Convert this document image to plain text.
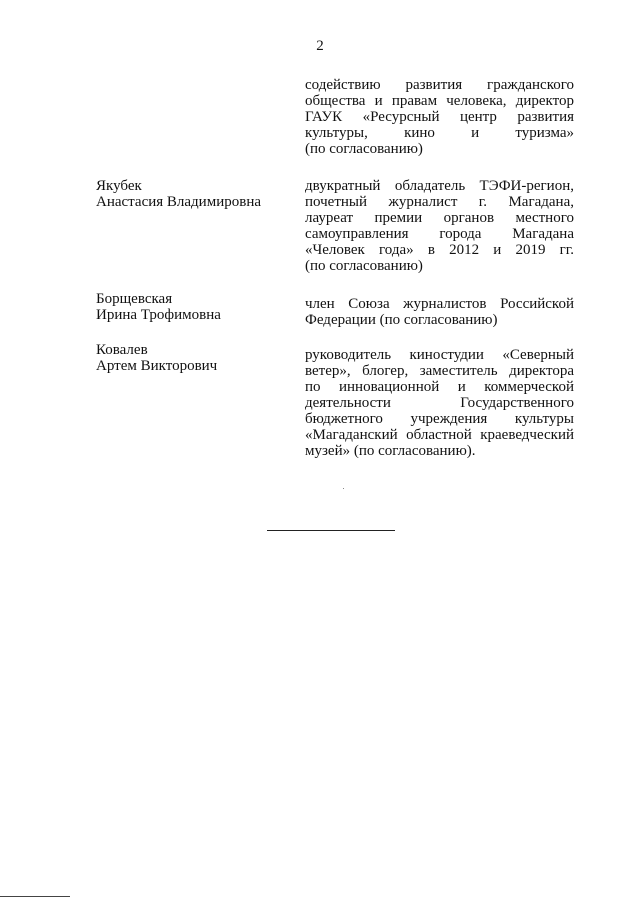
2
содействию развития гражданского
общества и правам человека, директор
ГАУК «Ресурсный центр развития
культуры, кино и туризма»
(по согласованию)
Якубек
Анастасия Владимировна
двукратный обладатель ТЭФИ-регион,
почетный журналист г. Магадана,
лауреат премии органов местного
самоуправления города Магадана
«Человек года» в 2012 и 2019 гг.
(по согласованию)
Борщевская
Ирина Трофимовна
член Союза журналистов Российской
Федерации (по согласованию)
Ковалев
Артем Викторович
руководитель киностудии «Северный
ветер», блогер, заместитель директора
по инновационной и коммерческой
деятельности Государственного
бюджетного учреждения культуры
«Магаданский областной краеведческий
музей» (по согласованию).
